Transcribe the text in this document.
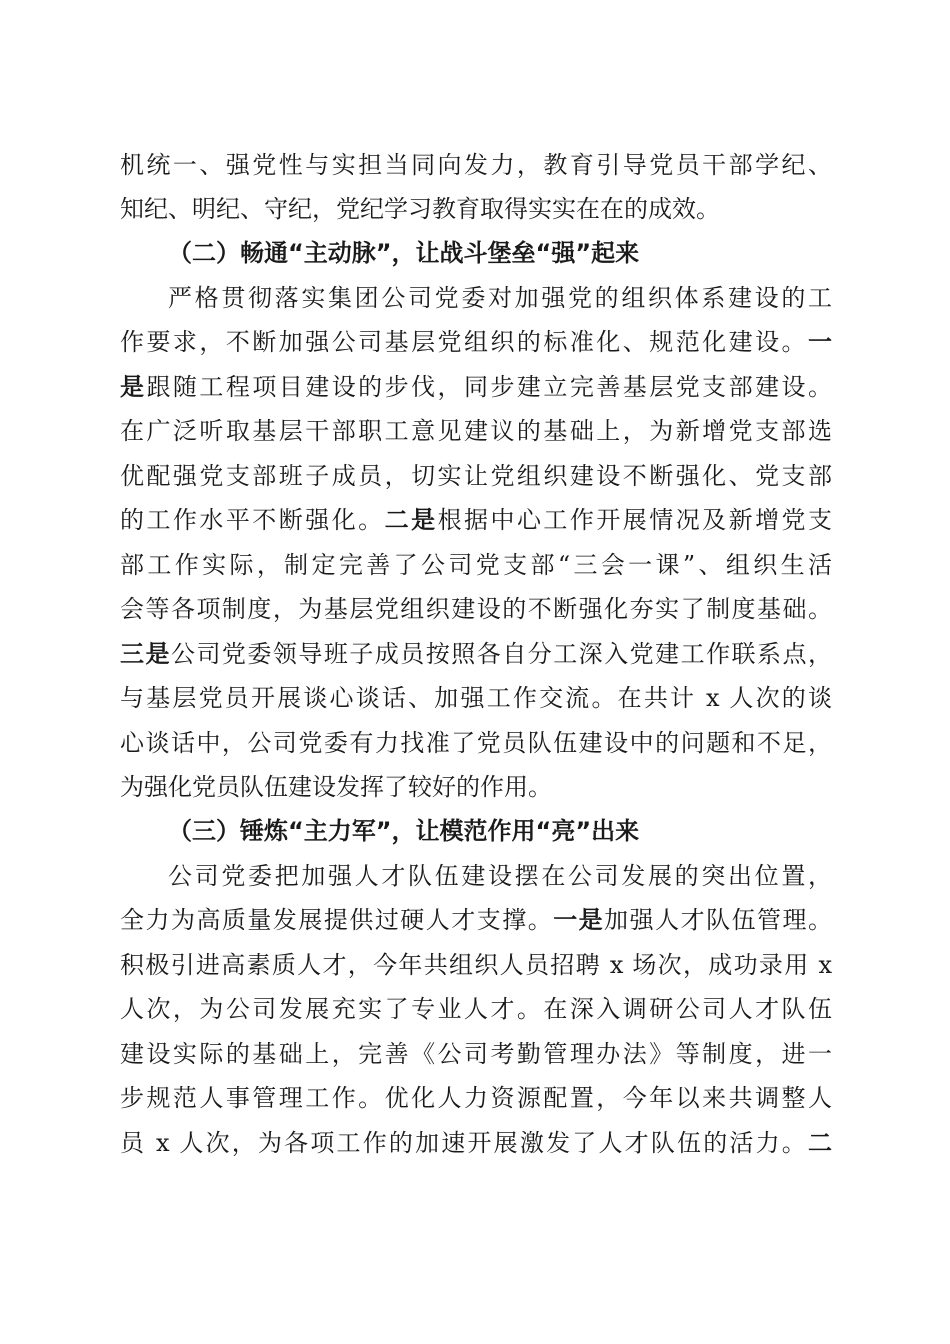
机统一、强党性与实担当同向发力，教育引导党员干部学纪、
知纪、明纪、守纪，党纪学习教育取得实实在在的成效。
（二）畅通“主动脉”，让战斗堡垒“强”起来
严格贯彻落实集团公司党委对加强党的组织体系建设的工
作要求，不断加强公司基层党组织的标准化、规范化建设。一
是跟随工程项目建设的步伐，同步建立完善基层党支部建设。
在广泛听取基层干部职工意见建议的基础上，为新增党支部选
优配强党支部班子成员，切实让党组织建设不断强化、党支部
的工作水平不断强化。二是根据中心工作开展情况及新增党支
部工作实际，制定完善了公司党支部“三会一课”、组织生活
会等各项制度，为基层党组织建设的不断强化夯实了制度基础。
三是公司党委领导班子成员按照各自分工深入党建工作联系点，
与基层党员开展谈心谈话、加强工作交流。在共计 x 人次的谈
心谈话中，公司党委有力找准了党员队伍建设中的问题和不足，
为强化党员队伍建设发挥了较好的作用。
（三）锤炼“主力军”，让模范作用“亮”出来
公司党委把加强人才队伍建设摆在公司发展的突出位置，
全力为高质量发展提供过硬人才支撑。一是加强人才队伍管理。
积极引进高素质人才，今年共组织人员招聘 x 场次，成功录用 x
人次，为公司发展充实了专业人才。在深入调研公司人才队伍
建设实际的基础上，完善《公司考勤管理办法》等制度，进一
步规范人事管理工作。优化人力资源配置，今年以来共调整人
员 x 人次，为各项工作的加速开展激发了人才队伍的活力。二
